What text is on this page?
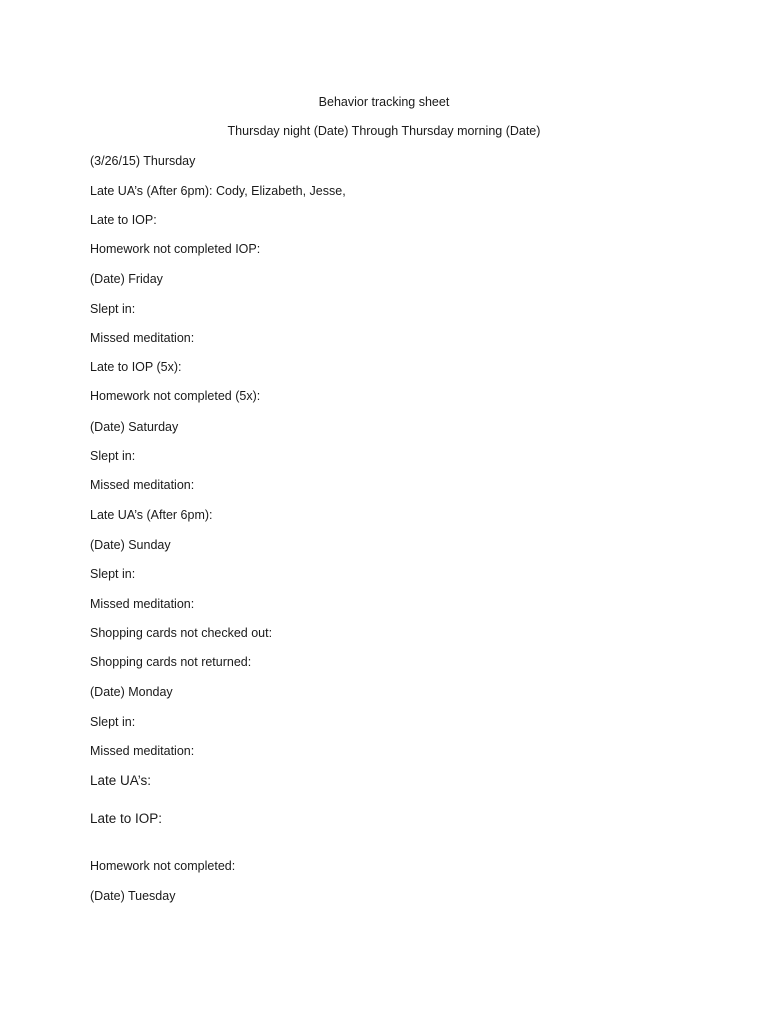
Behavior tracking sheet
Thursday night (Date) Through Thursday morning (Date)
(3/26/15) Thursday
Late UA’s (After 6pm): Cody, Elizabeth, Jesse,
Late to IOP:
Homework not completed IOP:
(Date) Friday
Slept in:
Missed meditation:
Late to IOP (5x):
Homework not completed (5x):
(Date) Saturday
Slept in:
Missed meditation:
Late UA’s (After 6pm):
(Date) Sunday
Slept in:
Missed meditation:
Shopping cards not checked out:
Shopping cards not returned:
(Date) Monday
Slept in:
Missed meditation:
Late UA’s:
Late to IOP:
Homework not completed:
(Date) Tuesday
